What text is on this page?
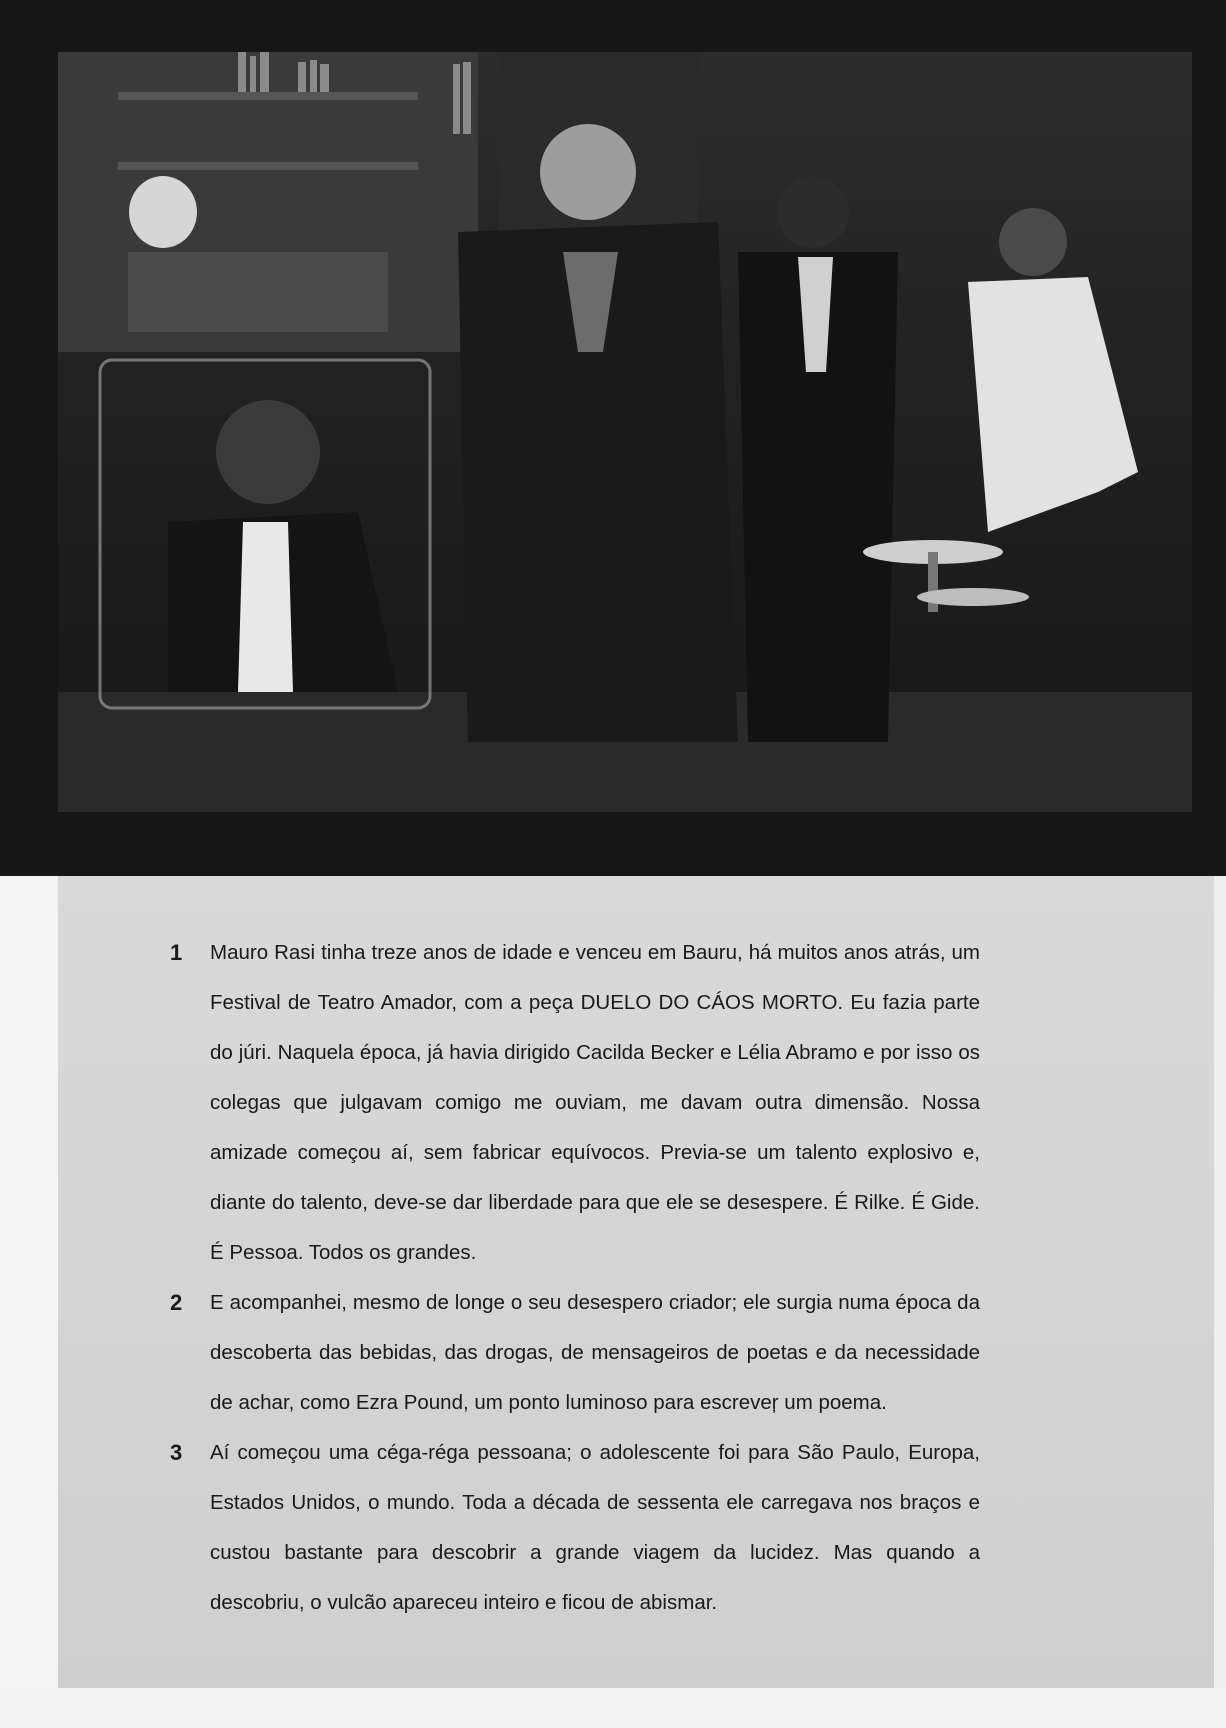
1 Mauro Rasi tinha treze anos de idade e venceu em Bauru, há muitos anos atrás, um Festival de Teatro Amador, com a peça DUELO DO CÁOS MORTO. Eu fazia parte do júri. Naquela época, já havia dirigido Cacilda Becker e Lélia Abramo e por isso os colegas que julgavam comigo me ouviam, me davam outra dimensão. Nossa amizade começou aí, sem fabricar equívocos. Previa-se um talento explosivo e, diante do talento, deve-se dar liberdade para que ele se desespere. É Rilke. É Gide. É Pessoa. Todos os grandes.

2 E acompanhei, mesmo de longe o seu desespero criador; ele surgia numa época da descoberta das bebidas, das drogas, de mensageiros de poetas e da necessidade de achar, como Ezra Pound, um ponto luminoso para escreveŗ um poema.

3 Aí começou uma céga-réga pessoana; o adolescente foi para São Paulo, Europa, Estados Unidos, o mundo. Toda a década de sessenta ele carregava nos braços e custou bastante para descobrir a grande viagem da lucidez. Mas quando a descobriu, o vulcão apareceu inteiro e ficou de abismar.
